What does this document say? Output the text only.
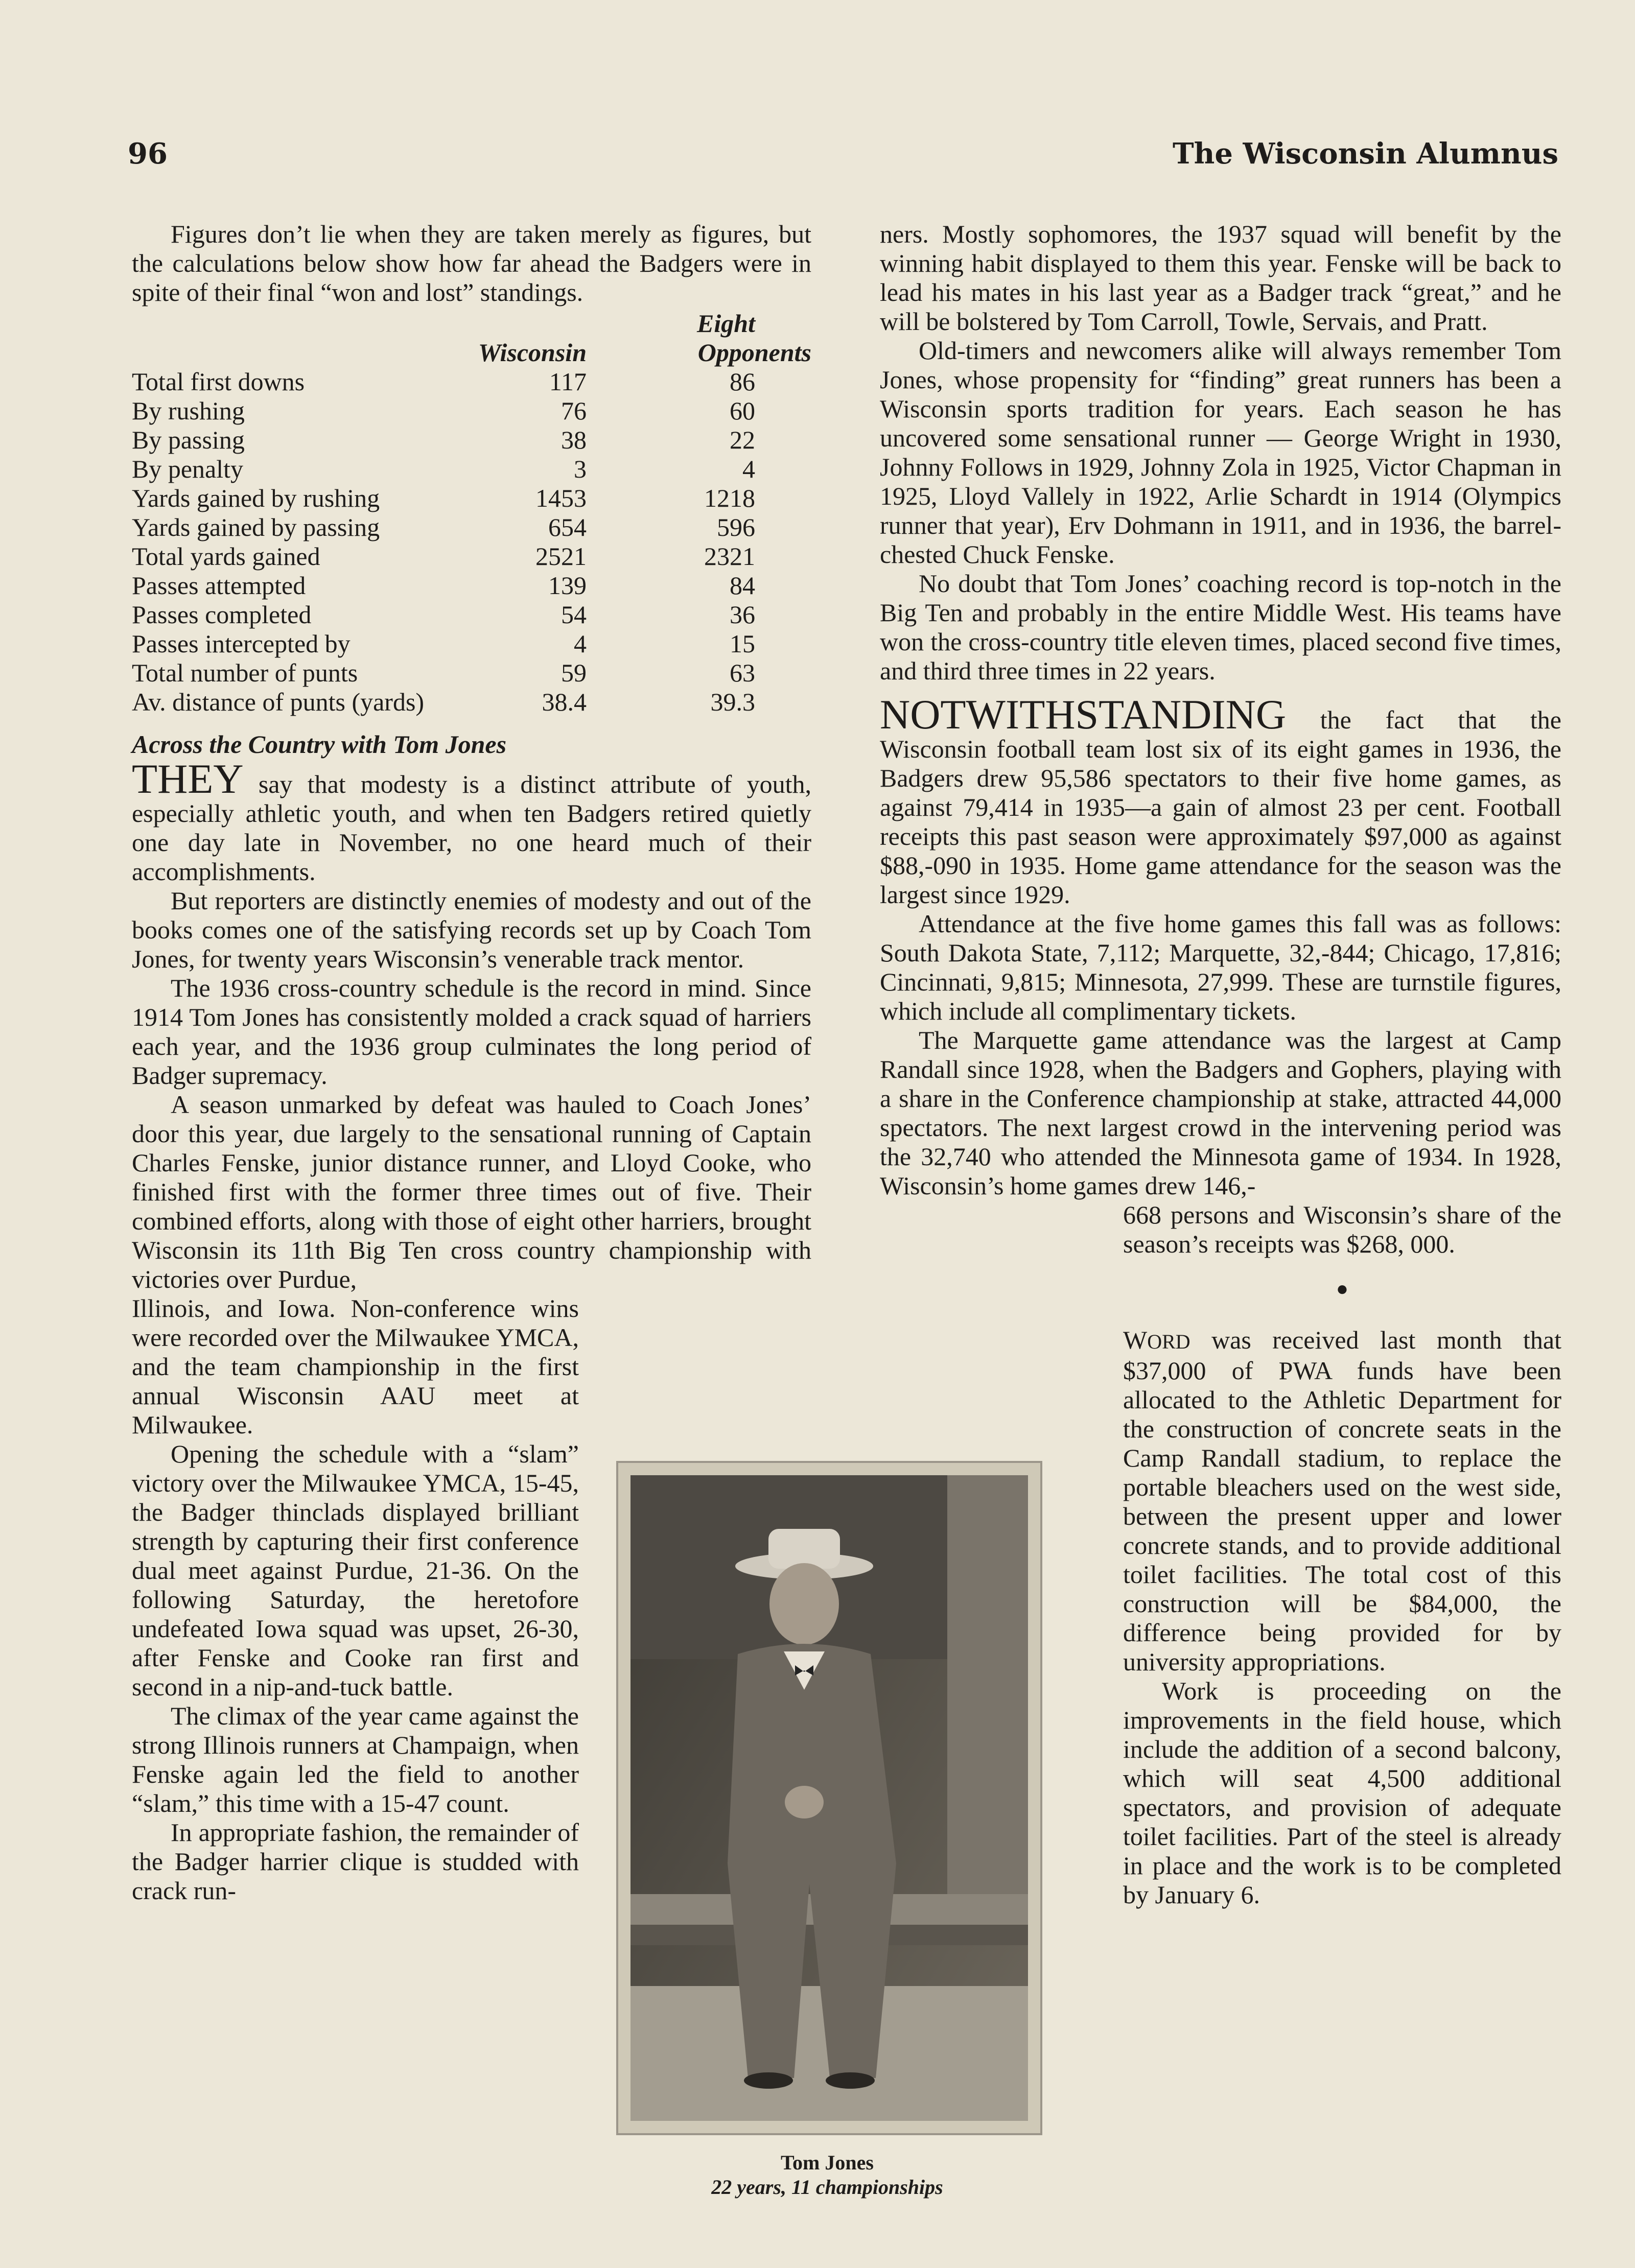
96	The Wisconsin Alumnus

Figures don’t lie when they are taken merely as figures, but the calculations below show how far ahead the Badgers were in spite of their final “won and lost” standings.

		Eight
	Wisconsin	Opponents
Total first downs	117	86
By rushing	76	60
By passing	38	22
By penalty	3	4
Yards gained by rushing	1453	1218
Yards gained by passing	654	596
Total yards gained	2521	2321
Passes attempted	139	84
Passes completed	54	36
Passes intercepted by	4	15
Total number of punts	59	63
Av. distance of punts (yards)	38.4	39.3
Across the Country with Tom Jones

THEY say that modesty is a distinct attribute of youth, especially athletic youth, and when ten Badgers retired quietly one day late in November, no one heard much of their accomplishments.

But reporters are distinctly enemies of modesty and out of the books comes one of the satisfying records set up by Coach Tom Jones, for twenty years Wisconsin’s venerable track mentor.

The 1936 cross-country schedule is the record in mind. Since 1914 Tom Jones has consistently molded a crack squad of harriers each year, and the 1936 group culminates the long period of Badger supremacy.

A season unmarked by defeat was hauled to Coach Jones’ door this year, due largely to the sensational running of Captain Charles Fenske, junior distance runner, and Lloyd Cooke, who finished first with the former three times out of five. Their combined efforts, along with those of eight other harriers, brought Wisconsin its 11th Big Ten cross country championship with victories over Purdue,

Illinois, and Iowa. Non-conference wins were recorded over the Milwaukee YMCA, and the team championship in the first annual Wisconsin AAU meet at Milwaukee.

Opening the schedule with a “slam” victory over the Milwaukee YMCA, 15-45, the Badger thinclads displayed brilliant strength by capturing their first conference dual meet against Purdue, 21-36. On the following Saturday, the heretofore undefeated Iowa squad was upset, 26-30, after Fenske and Cooke ran first and second in a nip-and-tuck battle.

The climax of the year came against the strong Illinois runners at Champaign, when Fenske again led the field to another “slam,” this time with a 15-47 count.

In appropriate fashion, the remainder of the Badger harrier clique is studded with crack run-

ners. Mostly sophomores, the 1937 squad will benefit by the winning habit displayed to them this year. Fenske will be back to lead his mates in his last year as a Badger track “great,” and he will be bolstered by Tom Carroll, Towle, Servais, and Pratt.

Old-timers and newcomers alike will always remember Tom Jones, whose propensity for “finding” great runners has been a Wisconsin sports tradition for years. Each season he has uncovered some sensational runner — George Wright in 1930, Johnny Follows in 1929, Johnny Zola in 1925, Victor Chapman in 1925, Lloyd Vallely in 1922, Arlie Schardt in 1914 (Olympics runner that year), Erv Dohmann in 1911, and in 1936, the barrel-chested Chuck Fenske.

No doubt that Tom Jones’ coaching record is top-notch in the Big Ten and probably in the entire Middle West. His teams have won the cross-country title eleven times, placed second five times, and third three times in 22 years.

NOTWITHSTANDING the fact that the Wisconsin football team lost six of its eight games in 1936, the Badgers drew 95,586 spectators to their five home games, as against 79,414 in 1935—a gain of almost 23 per cent. Football receipts this past season were approximately $97,000 as against $88,-090 in 1935. Home game attendance for the season was the largest since 1929.

Attendance at the five home games this fall was as follows: South Dakota State, 7,112; Marquette, 32,-844; Chicago, 17,816; Cincinnati, 9,815; Minnesota, 27,999. These are turnstile figures, which include all complimentary tickets.

The Marquette game attendance was the largest at Camp Randall since 1928, when the Badgers and Gophers, playing with a share in the Conference championship at stake, attracted 44,000 spectators. The next largest crowd in the intervening period was the 32,740 who attended the Minnesota game of 1934. In 1928, Wisconsin’s home games drew 146,-

668 persons and Wisconsin’s share of the season’s receipts was $268, 000.

●

WORD was received last month that $37,000 of PWA funds have been allocated to the Athletic Department for the construction of concrete seats in the Camp Randall stadium, to replace the portable bleachers used on the west side, between the present upper and lower concrete stands, and to provide additional toilet facilities. The total cost of this construction will be $84,000, the difference being provided for by university appropriations.

Work is proceeding on the improvements in the field house, which include the addition of a second balcony, which will seat 4,500 additional spectators, and provision of adequate toilet facilities. Part of the steel is already in place and the work is to be completed by January 6.

Tom Jones
22 years, 11 championships
